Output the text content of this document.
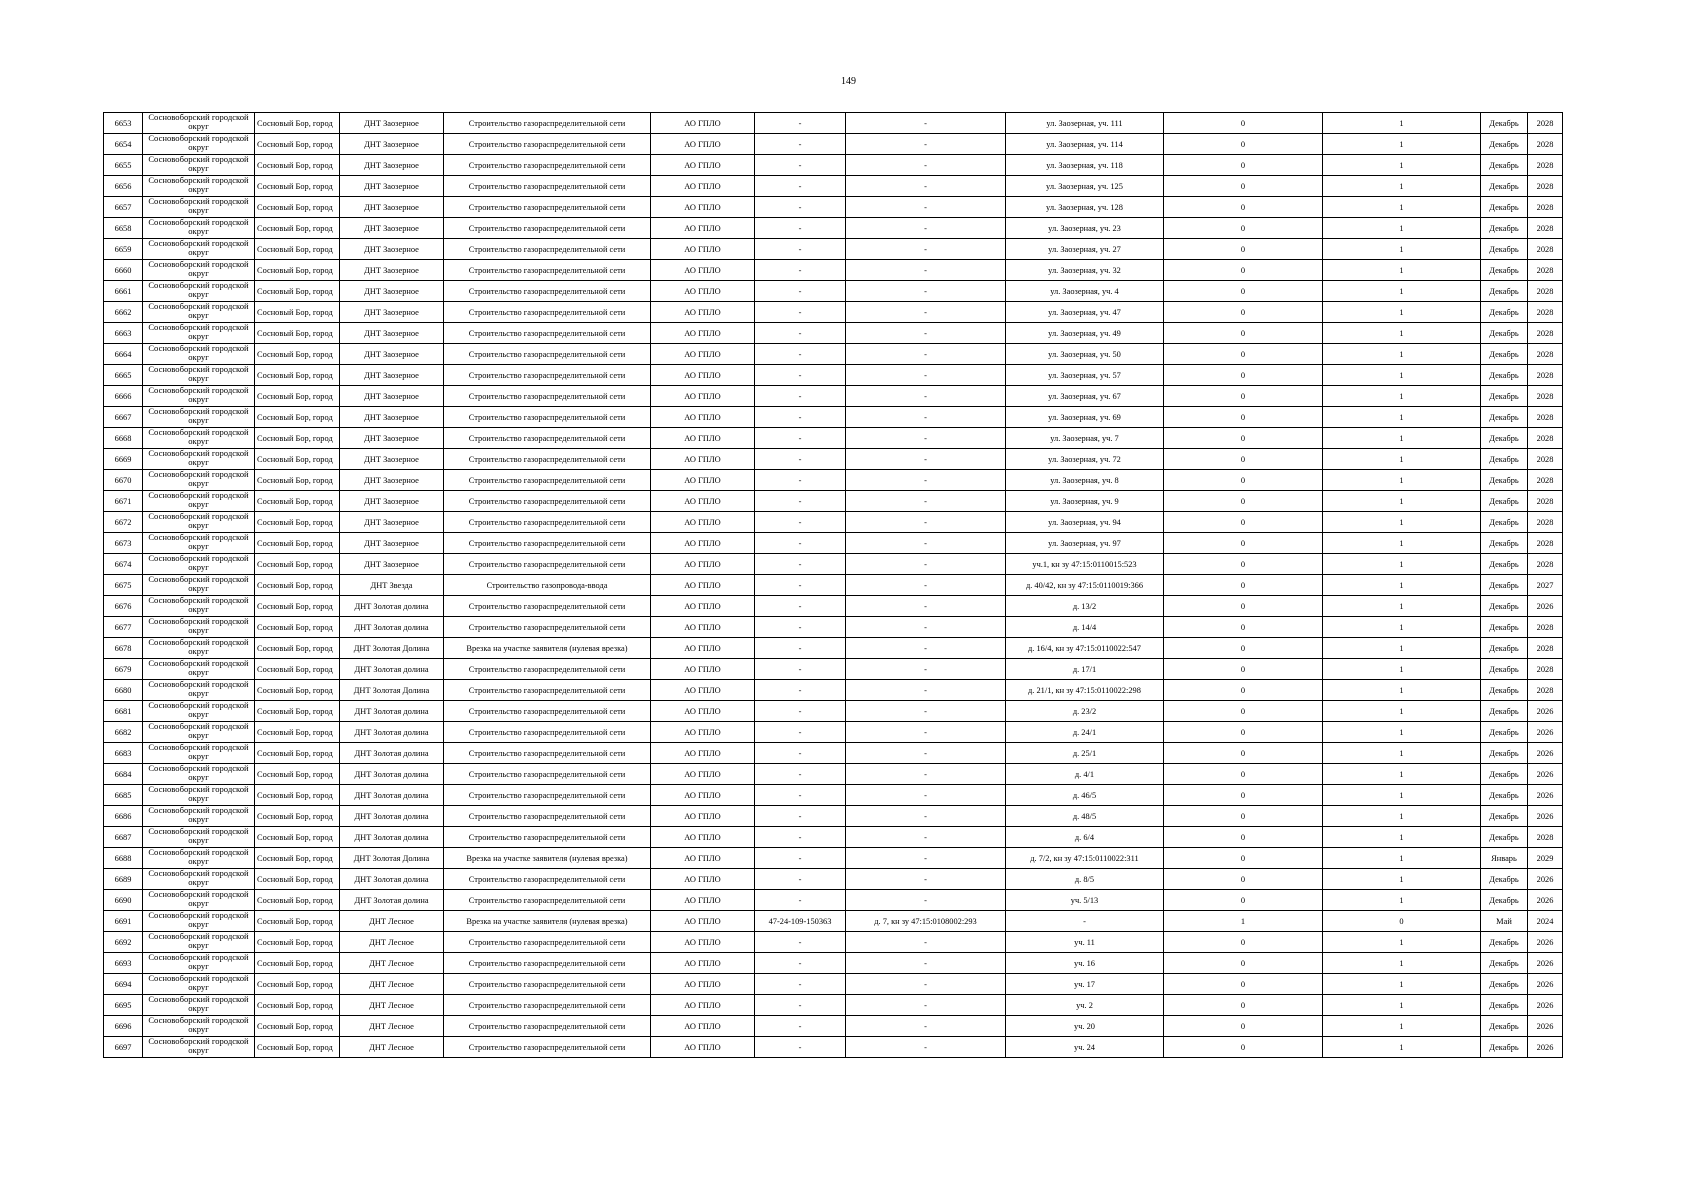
149
6653	Сосновоборский городской округ	Сосновый Бор, город	ДНТ Заозерное	Строительство газораспределительной сети	АО ГПЛО	-	-	ул. Заозерная, уч. 111	0	1	Декабрь	2028
6654	Сосновоборский городской округ	Сосновый Бор, город	ДНТ Заозерное	Строительство газораспределительной сети	АО ГПЛО	-	-	ул. Заозерная, уч. 114	0	1	Декабрь	2028
6655	Сосновоборский городской округ	Сосновый Бор, город	ДНТ Заозерное	Строительство газораспределительной сети	АО ГПЛО	-	-	ул. Заозерная, уч. 118	0	1	Декабрь	2028
6656	Сосновоборский городской округ	Сосновый Бор, город	ДНТ Заозерное	Строительство газораспределительной сети	АО ГПЛО	-	-	ул. Заозерная, уч. 125	0	1	Декабрь	2028
6657	Сосновоборский городской округ	Сосновый Бор, город	ДНТ Заозерное	Строительство газораспределительной сети	АО ГПЛО	-	-	ул. Заозерная, уч. 128	0	1	Декабрь	2028
6658	Сосновоборский городской округ	Сосновый Бор, город	ДНТ Заозерное	Строительство газораспределительной сети	АО ГПЛО	-	-	ул. Заозерная, уч. 23	0	1	Декабрь	2028
6659	Сосновоборский городской округ	Сосновый Бор, город	ДНТ Заозерное	Строительство газораспределительной сети	АО ГПЛО	-	-	ул. Заозерная, уч. 27	0	1	Декабрь	2028
6660	Сосновоборский городской округ	Сосновый Бор, город	ДНТ Заозерное	Строительство газораспределительной сети	АО ГПЛО	-	-	ул. Заозерная, уч. 32	0	1	Декабрь	2028
6661	Сосновоборский городской округ	Сосновый Бор, город	ДНТ Заозерное	Строительство газораспределительной сети	АО ГПЛО	-	-	ул. Заозерная, уч. 4	0	1	Декабрь	2028
6662	Сосновоборский городской округ	Сосновый Бор, город	ДНТ Заозерное	Строительство газораспределительной сети	АО ГПЛО	-	-	ул. Заозерная, уч. 47	0	1	Декабрь	2028
6663	Сосновоборский городской округ	Сосновый Бор, город	ДНТ Заозерное	Строительство газораспределительной сети	АО ГПЛО	-	-	ул. Заозерная, уч. 49	0	1	Декабрь	2028
6664	Сосновоборский городской округ	Сосновый Бор, город	ДНТ Заозерное	Строительство газораспределительной сети	АО ГПЛО	-	-	ул. Заозерная, уч. 50	0	1	Декабрь	2028
6665	Сосновоборский городской округ	Сосновый Бор, город	ДНТ Заозерное	Строительство газораспределительной сети	АО ГПЛО	-	-	ул. Заозерная, уч. 57	0	1	Декабрь	2028
6666	Сосновоборский городской округ	Сосновый Бор, город	ДНТ Заозерное	Строительство газораспределительной сети	АО ГПЛО	-	-	ул. Заозерная, уч. 67	0	1	Декабрь	2028
6667	Сосновоборский городской округ	Сосновый Бор, город	ДНТ Заозерное	Строительство газораспределительной сети	АО ГПЛО	-	-	ул. Заозерная, уч. 69	0	1	Декабрь	2028
6668	Сосновоборский городской округ	Сосновый Бор, город	ДНТ Заозерное	Строительство газораспределительной сети	АО ГПЛО	-	-	ул. Заозерная, уч. 7	0	1	Декабрь	2028
6669	Сосновоборский городской округ	Сосновый Бор, город	ДНТ Заозерное	Строительство газораспределительной сети	АО ГПЛО	-	-	ул. Заозерная, уч. 72	0	1	Декабрь	2028
6670	Сосновоборский городской округ	Сосновый Бор, город	ДНТ Заозерное	Строительство газораспределительной сети	АО ГПЛО	-	-	ул. Заозерная, уч. 8	0	1	Декабрь	2028
6671	Сосновоборский городской округ	Сосновый Бор, город	ДНТ Заозерное	Строительство газораспределительной сети	АО ГПЛО	-	-	ул. Заозерная, уч. 9	0	1	Декабрь	2028
6672	Сосновоборский городской округ	Сосновый Бор, город	ДНТ Заозерное	Строительство газораспределительной сети	АО ГПЛО	-	-	ул. Заозерная, уч. 94	0	1	Декабрь	2028
6673	Сосновоборский городской округ	Сосновый Бор, город	ДНТ Заозерное	Строительство газораспределительной сети	АО ГПЛО	-	-	ул. Заозерная, уч. 97	0	1	Декабрь	2028
6674	Сосновоборский городской округ	Сосновый Бор, город	ДНТ Заозерное	Строительство газораспределительной сети	АО ГПЛО	-	-	уч.1, кн зу 47:15:0110015:523	0	1	Декабрь	2028
6675	Сосновоборский городской округ	Сосновый Бор, город	ДНТ Звезда	Строительство газопровода-ввода	АО ГПЛО	-	-	д. 40/42, кн зу 47:15:0110019:366	0	1	Декабрь	2027
6676	Сосновоборский городской округ	Сосновый Бор, город	ДНТ Золотая долина	Строительство газораспределительной сети	АО ГПЛО	-	-	д. 13/2	0	1	Декабрь	2026
6677	Сосновоборский городской округ	Сосновый Бор, город	ДНТ Золотая долина	Строительство газораспределительной сети	АО ГПЛО	-	-	д. 14/4	0	1	Декабрь	2028
6678	Сосновоборский городской округ	Сосновый Бор, город	ДНТ Золотая Долина	Врезка на участке заявителя (нулевая врезка)	АО ГПЛО	-	-	д. 16/4, кн зу 47:15:0110022:547	0	1	Декабрь	2028
6679	Сосновоборский городской округ	Сосновый Бор, город	ДНТ Золотая долина	Строительство газораспределительной сети	АО ГПЛО	-	-	д. 17/1	0	1	Декабрь	2028
6680	Сосновоборский городской округ	Сосновый Бор, город	ДНТ Золотая Долина	Строительство газораспределительной сети	АО ГПЛО	-	-	д. 21/1, кн зу 47:15:0110022:298	0	1	Декабрь	2028
6681	Сосновоборский городской округ	Сосновый Бор, город	ДНТ Золотая долина	Строительство газораспределительной сети	АО ГПЛО	-	-	д. 23/2	0	1	Декабрь	2026
6682	Сосновоборский городской округ	Сосновый Бор, город	ДНТ Золотая долина	Строительство газораспределительной сети	АО ГПЛО	-	-	д. 24/1	0	1	Декабрь	2026
6683	Сосновоборский городской округ	Сосновый Бор, город	ДНТ Золотая долина	Строительство газораспределительной сети	АО ГПЛО	-	-	д. 25/1	0	1	Декабрь	2026
6684	Сосновоборский городской округ	Сосновый Бор, город	ДНТ Золотая долина	Строительство газораспределительной сети	АО ГПЛО	-	-	д. 4/1	0	1	Декабрь	2026
6685	Сосновоборский городской округ	Сосновый Бор, город	ДНТ Золотая долина	Строительство газораспределительной сети	АО ГПЛО	-	-	д. 46/5	0	1	Декабрь	2026
6686	Сосновоборский городской округ	Сосновый Бор, город	ДНТ Золотая долина	Строительство газораспределительной сети	АО ГПЛО	-	-	д. 48/5	0	1	Декабрь	2026
6687	Сосновоборский городской округ	Сосновый Бор, город	ДНТ Золотая долина	Строительство газораспределительной сети	АО ГПЛО	-	-	д. 6/4	0	1	Декабрь	2028
6688	Сосновоборский городской округ	Сосновый Бор, город	ДНТ Золотая Долина	Врезка на участке заявителя (нулевая врезка)	АО ГПЛО	-	-	д. 7/2, кн зу 47:15:0110022:311	0	1	Январь	2029
6689	Сосновоборский городской округ	Сосновый Бор, город	ДНТ Золотая долина	Строительство газораспределительной сети	АО ГПЛО	-	-	д. 8/5	0	1	Декабрь	2026
6690	Сосновоборский городской округ	Сосновый Бор, город	ДНТ Золотая долина	Строительство газораспределительной сети	АО ГПЛО	-	-	уч. 5/13	0	1	Декабрь	2026
6691	Сосновоборский городской округ	Сосновый Бор, город	ДНТ Лесное	Врезка на участке заявителя (нулевая врезка)	АО ГПЛО	47-24-109-150363	д. 7, кн зу 47:15:0108002:293	-	1	0	Май	2024
6692	Сосновоборский городской округ	Сосновый Бор, город	ДНТ Лесное	Строительство газораспределительной сети	АО ГПЛО	-	-	уч. 11	0	1	Декабрь	2026
6693	Сосновоборский городской округ	Сосновый Бор, город	ДНТ Лесное	Строительство газораспределительной сети	АО ГПЛО	-	-	уч. 16	0	1	Декабрь	2026
6694	Сосновоборский городской округ	Сосновый Бор, город	ДНТ Лесное	Строительство газораспределительной сети	АО ГПЛО	-	-	уч. 17	0	1	Декабрь	2026
6695	Сосновоборский городской округ	Сосновый Бор, город	ДНТ Лесное	Строительство газораспределительной сети	АО ГПЛО	-	-	уч. 2	0	1	Декабрь	2026
6696	Сосновоборский городской округ	Сосновый Бор, город	ДНТ Лесное	Строительство газораспределительной сети	АО ГПЛО	-	-	уч. 20	0	1	Декабрь	2026
6697	Сосновоборский городской округ	Сосновый Бор, город	ДНТ Лесное	Строительство газораспределительной сети	АО ГПЛО	-	-	уч. 24	0	1	Декабрь	2026
